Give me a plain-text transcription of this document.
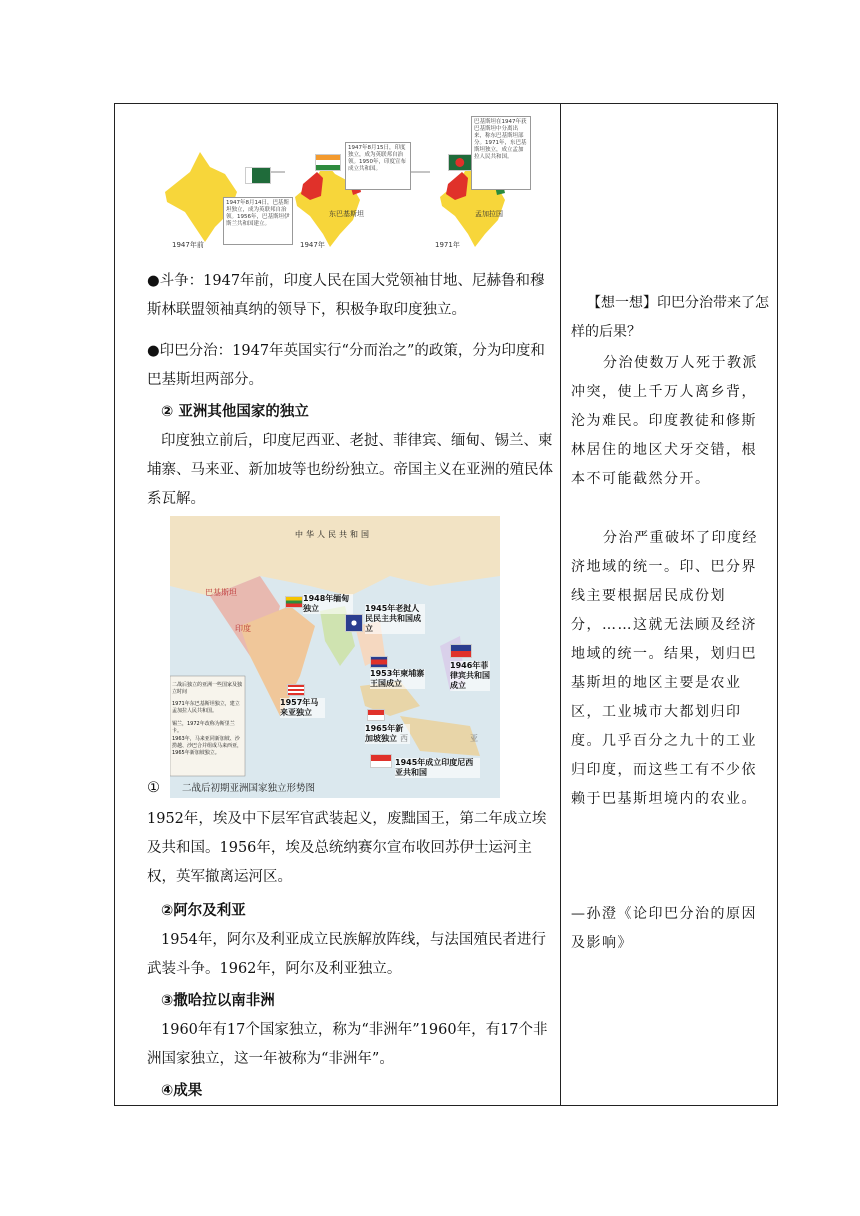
1947年8月14日，巴基斯坦独立，成为英联邦自治领。1956年，巴基斯坦伊斯兰共和国建立。
1947年8月15日，印度独立，成为英联邦自治领。1950年，印度宣布成立共和国。
巴基斯坦在1947年获巴基斯坦中分离出来，称东巴基斯坦部分。1971年，东巴基斯坦独立，成立孟加拉人民共和国。
1947年前	1947年	1971年
东巴基斯坦	孟加拉国

●斗争：1947年前，印度人民在国大党领袖甘地、尼赫鲁和穆斯林联盟领袖真纳的领导下，积极争取印度独立。

●印巴分治：1947年英国实行“分而治之”的政策，分为印度和巴基斯坦两部分。

② 亚洲其他国家的独立

印度独立前后，印度尼西亚、老挝、菲律宾、缅甸、锡兰、柬埔寨、马来亚、新加坡等也纷纷独立。帝国主义在亚洲的殖民体系瓦解。

中华人民共和国
巴基斯坦
印度
1948年缅甸独立	1945年老挝人民民主共和国成立
1953年柬埔寨王国成立
1946年菲律宾共和国成立
1957年马来亚独立
1965年新加坡独立
1945年成立印度尼西亚共和国
西	亚
二战后独立的亚洲一些国家及独立时间
1971年东巴基斯坦独立，建立孟加拉人民共和国。
锡兰，1972年改称为斯里兰卡。
1963年，马来亚同新加坡、沙捞越、沙巴合并组成马来西亚，1965年新加坡独立。
二战后初期亚洲国家独立形势图
①

1952年，埃及中下层军官武装起义，废黜国王，第二年成立埃及共和国。1956年，埃及总统纳赛尔宣布收回苏伊士运河主权，英军撤离运河区。

②阿尔及利亚

1954年，阿尔及利亚成立民族解放阵线，与法国殖民者进行武装斗争。1962年，阿尔及利亚独立。

③撒哈拉以南非洲

1960年有17个国家独立，称为“非洲年”1960年，有17个非洲国家独立，这一年被称为“非洲年”。

④成果

【想一想】印巴分治带来了怎样的后果？

分治使数万人死于教派冲突，使上千万人离乡背，沦为难民。印度教徒和修斯林居住的地区犬牙交错，根本不可能截然分开。

分治严重破坏了印度经济地域的统一。印、巴分界线主要根据居民成份划分，……这就无法顾及经济地域的统一。结果，划归巴基斯坦的地区主要是农业区，工业城市大都划归印度。几乎百分之九十的工业归印度，而这些工有不少依赖于巴基斯坦境内的农业。

—孙澄《论印巴分治的原因及影响》
